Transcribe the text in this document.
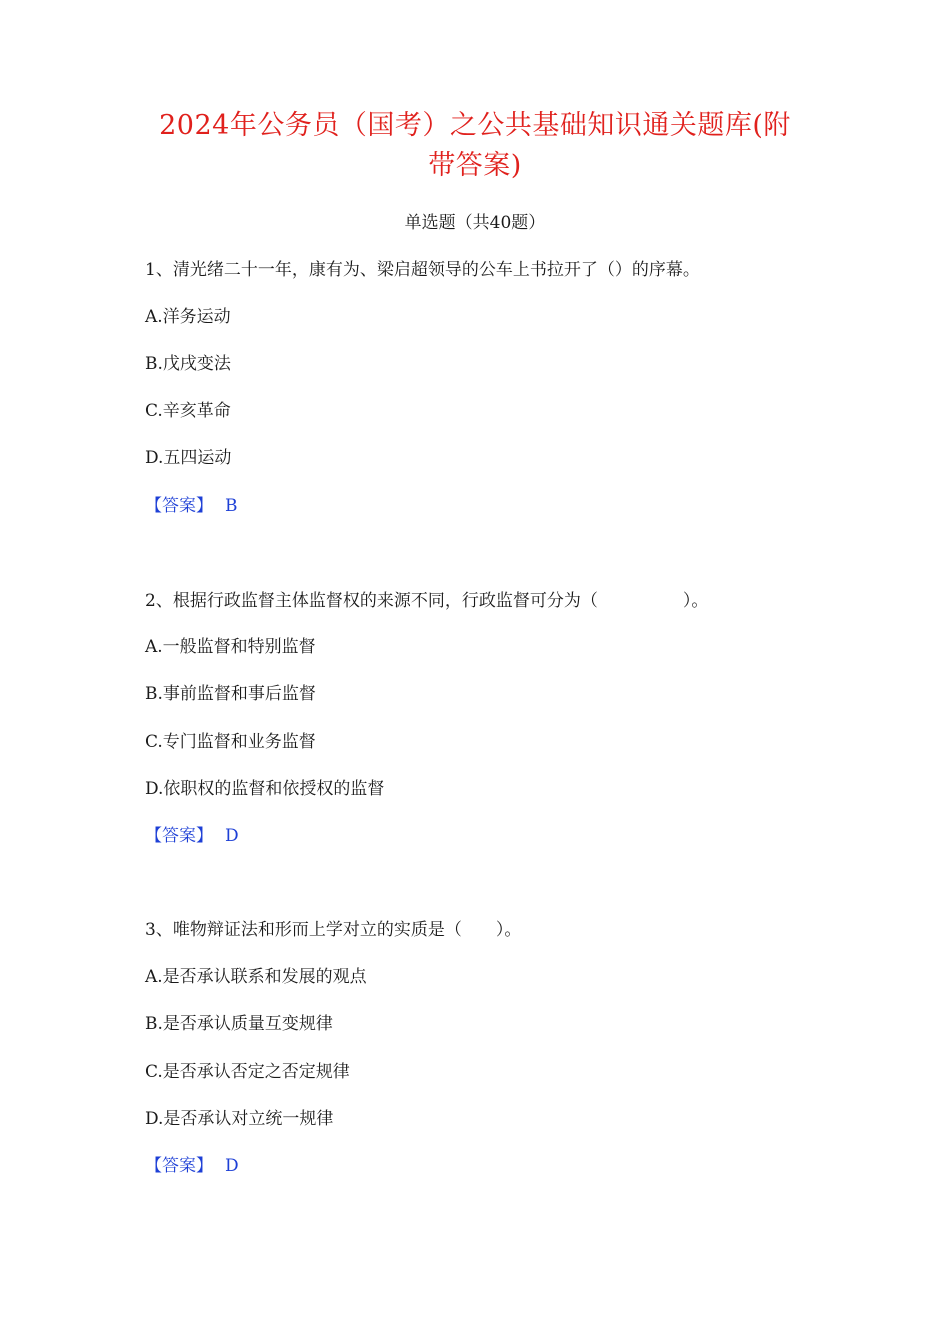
2024年公务员（国考）之公共基础知识通关题库(附
带答案)
单选题（共40题）
1、清光绪二十一年，康有为、梁启超领导的公车上书拉开了（）的序幕。
A.洋务运动
B.戊戌变法
C.辛亥革命
D.五四运动
【答案】 B
2、根据行政监督主体监督权的来源不同，行政监督可分为（　　　　　）。
A.一般监督和特别监督
B.事前监督和事后监督
C.专门监督和业务监督
D.依职权的监督和依授权的监督
【答案】 D
3、唯物辩证法和形而上学对立的实质是（　　）。
A.是否承认联系和发展的观点
B.是否承认质量互变规律
C.是否承认否定之否定规律
D.是否承认对立统一规律
【答案】 D
